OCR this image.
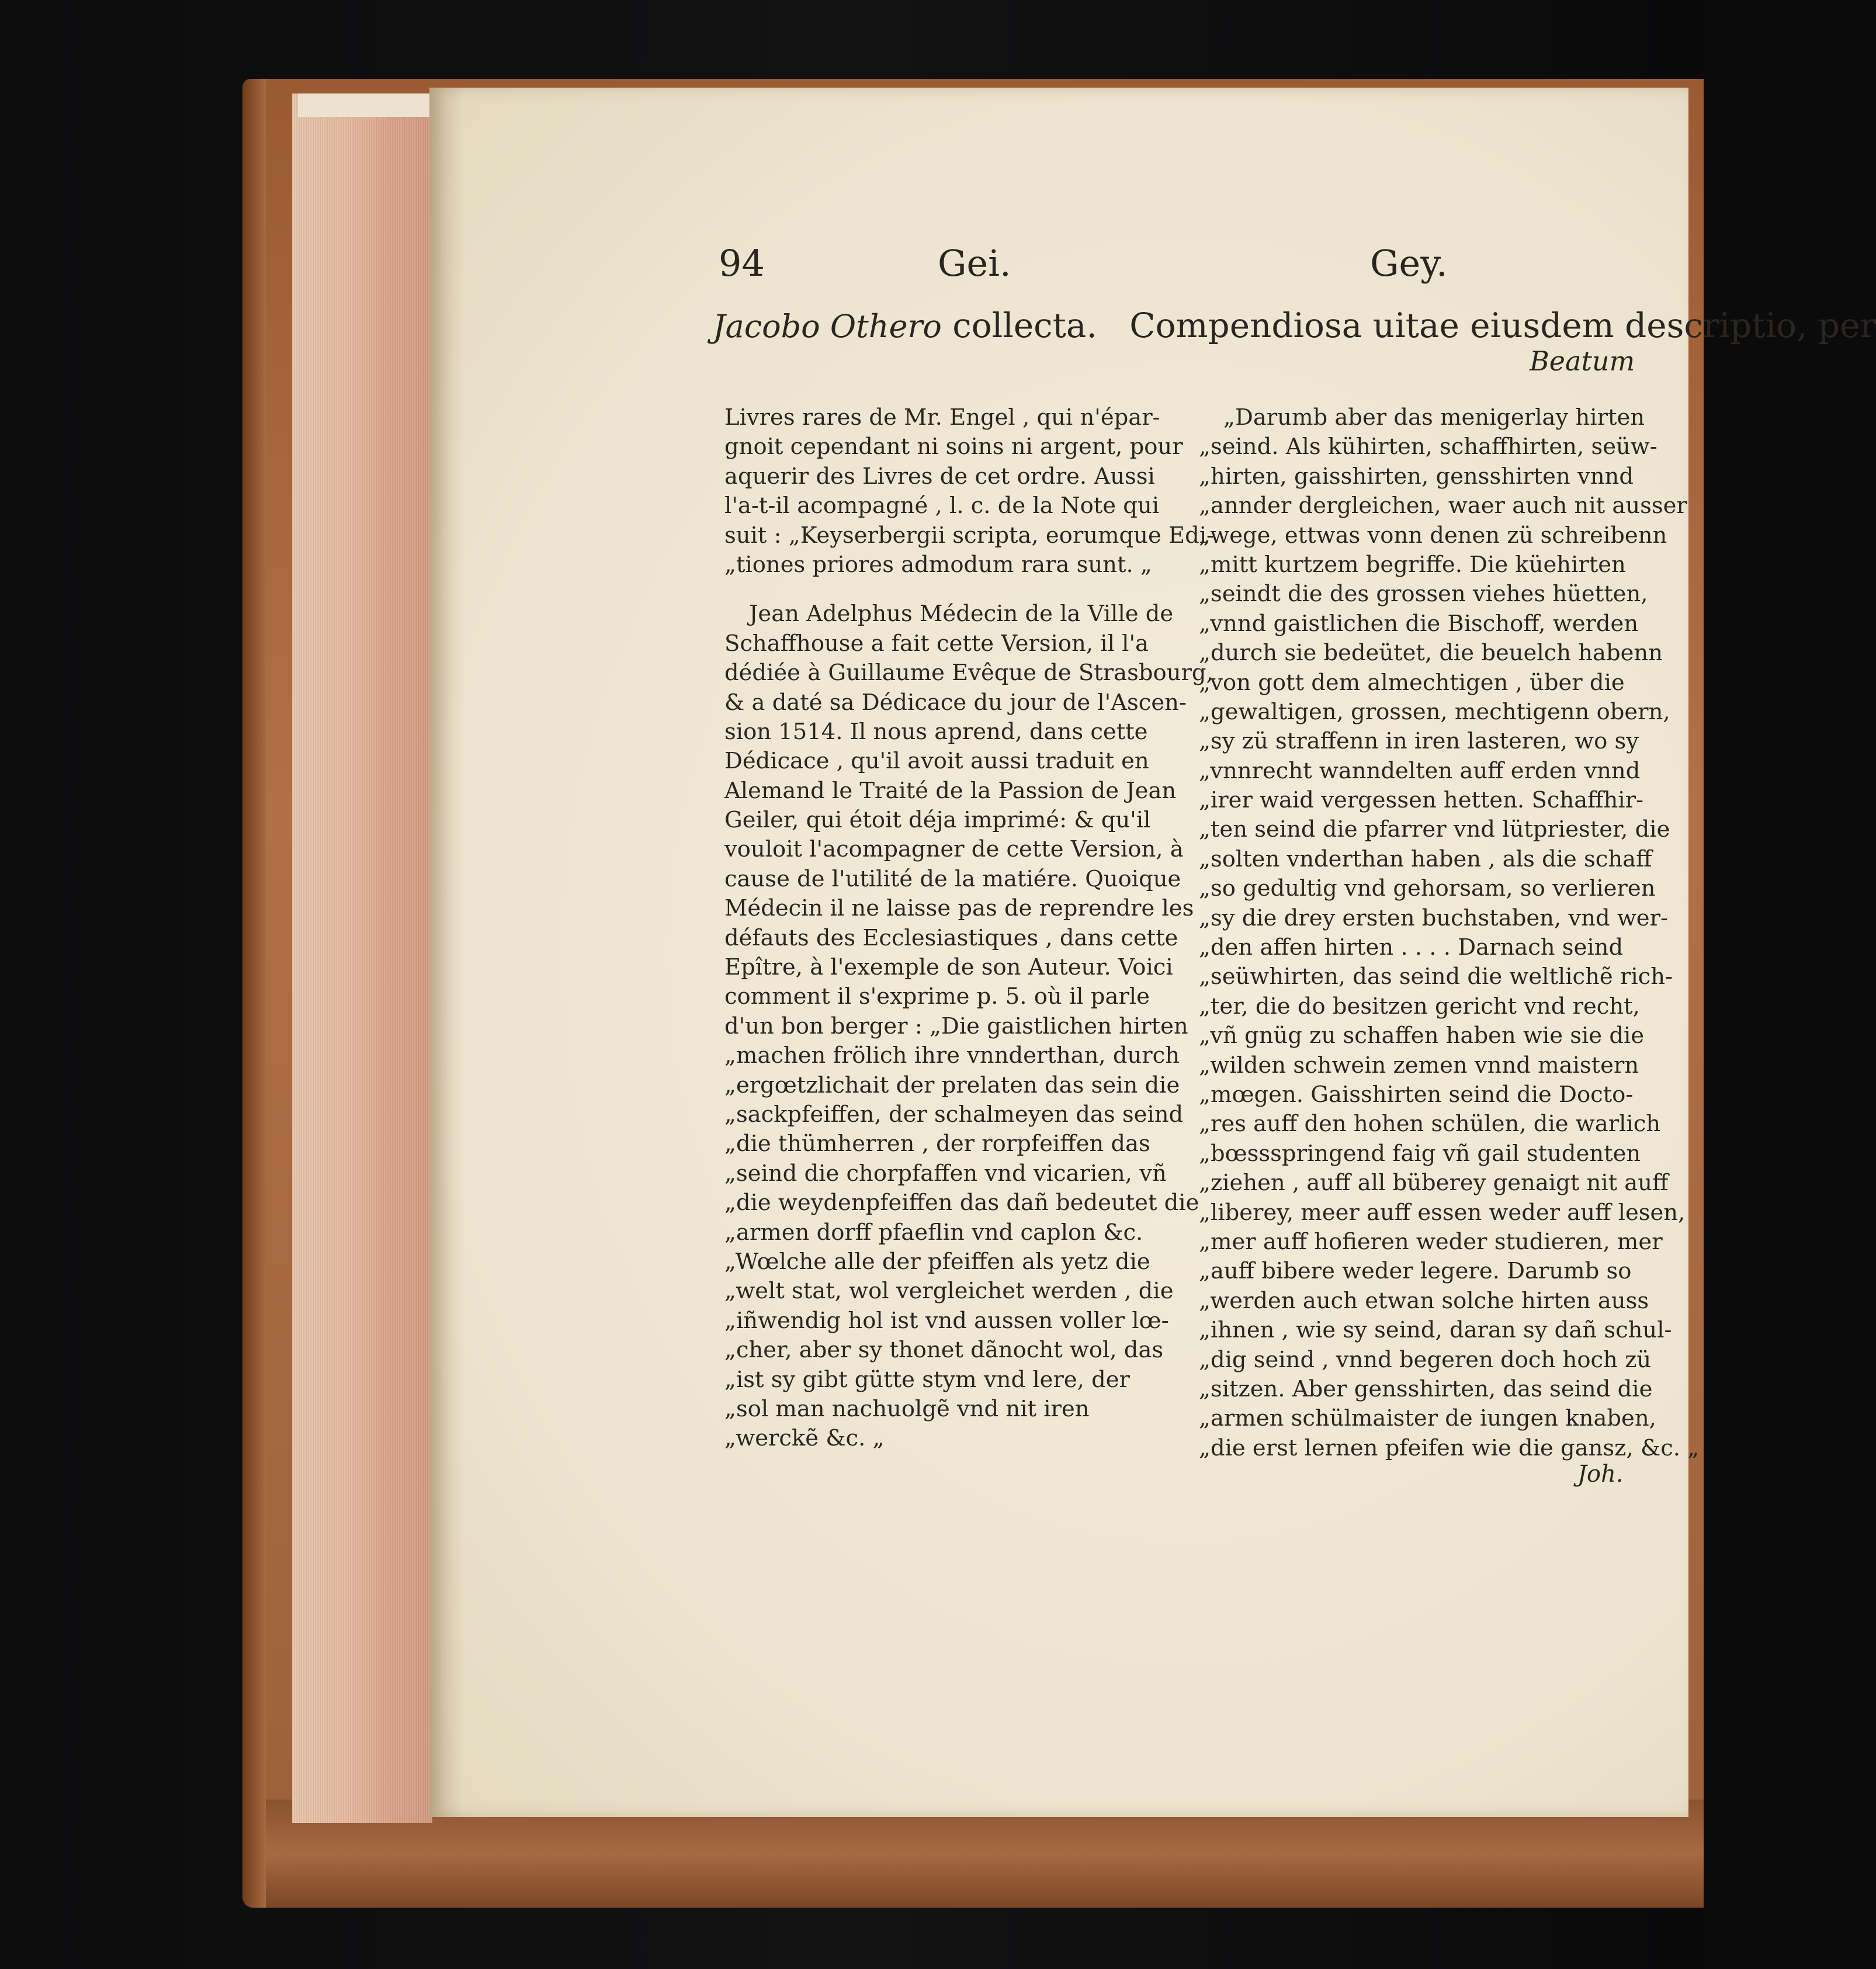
94	Gei.	Gey.
Jacobo Othero collecta. Compendiosa uitae eiusdem descriptio, per
Beatum
Livres rares de Mr. Engel , qui n'épar-
gnoit cependant ni soins ni argent, pour
aquerir des Livres de cet ordre. Aussi
l'a-t-il acompagné , l. c. de la Note qui
suit : „Keyserbergii scripta, eorumque Edi-
„tiones priores admodum rara sunt. „
Jean Adelphus Médecin de la Ville de
Schaffhouse a fait cette Version, il l'a
dédiée à Guillaume Evêque de Strasbourg,
& a daté sa Dédicace du jour de l'Ascen-
sion 1514. Il nous aprend, dans cette
Dédicace , qu'il avoit aussi traduit en
Alemand le Traité de la Passion de Jean
Geiler, qui étoit déja imprimé: & qu'il
vouloit l'acompagner de cette Version, à
cause de l'utilité de la matiére. Quoique
Médecin il ne laisse pas de reprendre les
défauts des Ecclesiastiques , dans cette
Epître, à l'exemple de son Auteur. Voici
comment il s'exprime p. 5. où il parle
d'un bon berger : „Die gaistlichen hirten
„machen frölich ihre vnnderthan, durch
„ergœtzlichait der prelaten das sein die
„sackpfeiffen, der schalmeyen das seind
„die thümherren , der rorpfeiffen das
„seind die chorpfaffen vnd vicarien, vñ
„die weydenpfeiffen das dañ bedeutet die
„armen dorff pfaeflin vnd caplon &c.
„Wœlche alle der pfeiffen als yetz die
„welt stat, wol vergleichet werden , die
„iñwendig hol ist vnd aussen voller lœ-
„cher, aber sy thonet dãnocht wol, das
„ist sy gibt gütte stym vnd lere, der
„sol man nachuolgẽ vnd nit iren
„werckẽ &c. „
„Darumb aber das menigerlay hirten
„seind. Als kühirten, schaffhirten, seüw-
„hirten, gaisshirten, gensshirten vnnd
„annder dergleichen, waer auch nit ausser
„wege, ettwas vonn denen zü schreibenn
„mitt kurtzem begriffe. Die küehirten
„seindt die des grossen viehes hüetten,
„vnnd gaistlichen die Bischoff, werden
„durch sie bedeütet, die beuelch habenn
„von gott dem almechtigen , über die
„gewaltigen, grossen, mechtigenn obern,
„sy zü straffenn in iren lasteren, wo sy
„vnnrecht wanndelten auff erden vnnd
„irer waid vergessen hetten. Schaffhir-
„ten seind die pfarrer vnd lütpriester, die
„solten vnderthan haben , als die schaff
„so gedultig vnd gehorsam, so verlieren
„sy die drey ersten buchstaben, vnd wer-
„den affen hirten . . . . Darnach seind
„seüwhirten, das seind die weltlichẽ rich-
„ter, die do besitzen gericht vnd recht,
„vñ gnüg zu schaffen haben wie sie die
„wilden schwein zemen vnnd maistern
„mœgen. Gaisshirten seind die Docto-
„res auff den hohen schülen, die warlich
„bœssspringend faig vñ gail studenten
„ziehen , auff all büberey genaigt nit auff
„liberey, meer auff essen weder auff lesen,
„mer auff hofieren weder studieren, mer
„auff bibere weder legere. Darumb so
„werden auch etwan solche hirten auss
„ihnen , wie sy seind, daran sy dañ schul-
„dig seind , vnnd begeren doch hoch zü
„sitzen. Aber gensshirten, das seind die
„armen schülmaister de iungen knaben,
„die erst lernen pfeifen wie die gansz, &c. „
Joh.
